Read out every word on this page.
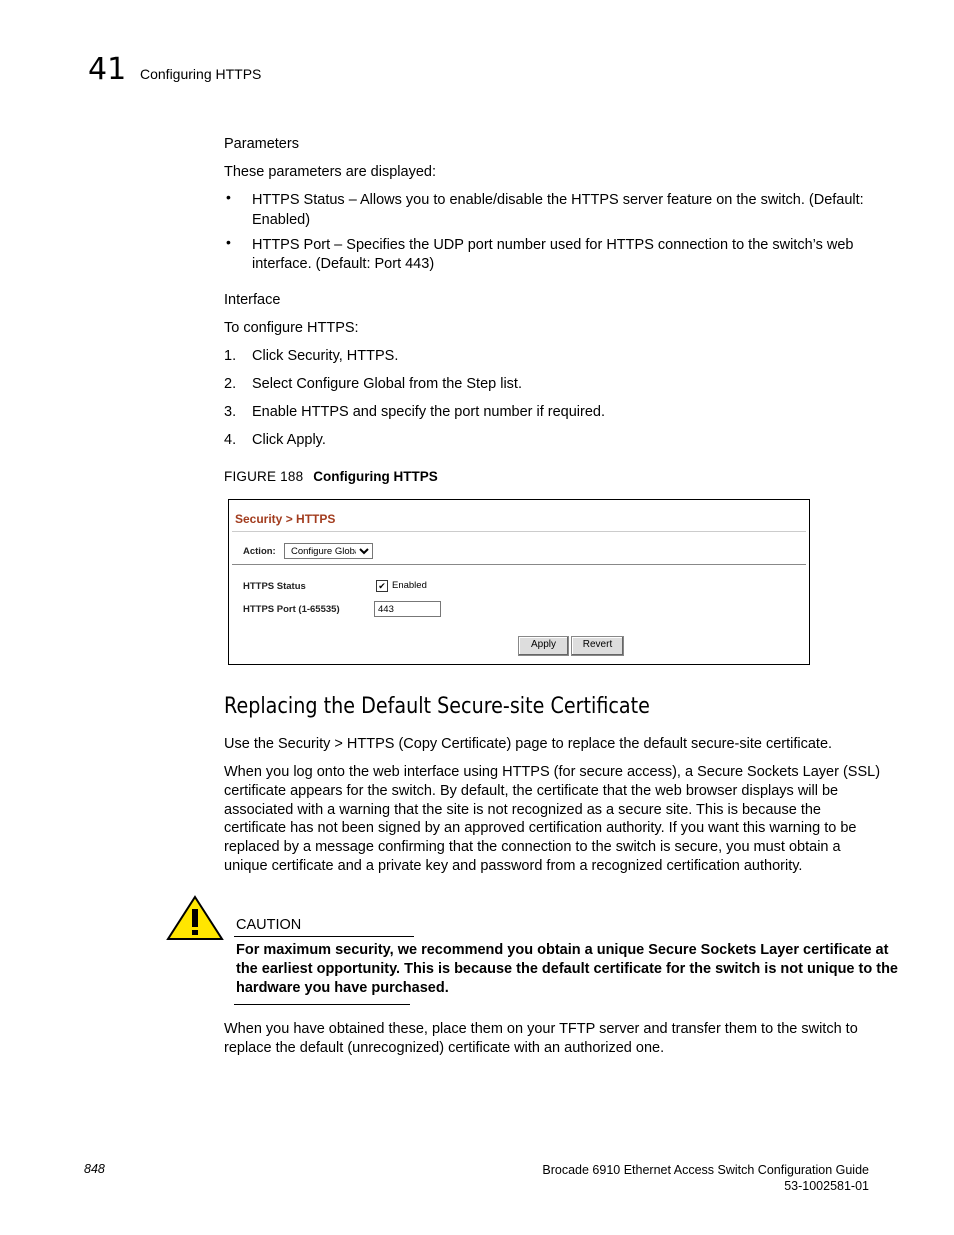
41 Configuring HTTPS
Parameters
These parameters are displayed:
• HTTPS Status – Allows you to enable/disable the HTTPS server feature on the switch. (Default:
Enabled)
• HTTPS Port – Specifies the UDP port number used for HTTPS connection to the switch’s web
interface. (Default: Port 443)
Interface
To configure HTTPS:
1. Click Security, HTTPS.
2. Select Configure Global from the Step list.
3. Enable HTTPS and specify the port number if required.
4. Click Apply.
FIGURE 188 Configuring HTTPS
Security > HTTPS
Action:
Configure Global
HTTPS Status	✔ Enabled
HTTPS Port (1-65535)
443
Apply	Revert
Replacing the Default Secure-site Certificate
Use the Security > HTTPS (Copy Certificate) page to replace the default secure-site certificate.
When you log onto the web interface using HTTPS (for secure access), a Secure Sockets Layer (SSL)
certificate appears for the switch. By default, the certificate that the web browser displays will be
associated with a warning that the site is not recognized as a secure site. This is because the
certificate has not been signed by an approved certification authority. If you want this warning to be
replaced by a message confirming that the connection to the switch is secure, you must obtain a
unique certificate and a private key and password from a recognized certification authority.
CAUTION
For maximum security, we recommend you obtain a unique Secure Sockets Layer certificate at
the earliest opportunity. This is because the default certificate for the switch is not unique to the
hardware you have purchased.
When you have obtained these, place them on your TFTP server and transfer them to the switch to
replace the default (unrecognized) certificate with an authorized one.
848	Brocade 6910 Ethernet Access Switch Configuration Guide
53-1002581-01
